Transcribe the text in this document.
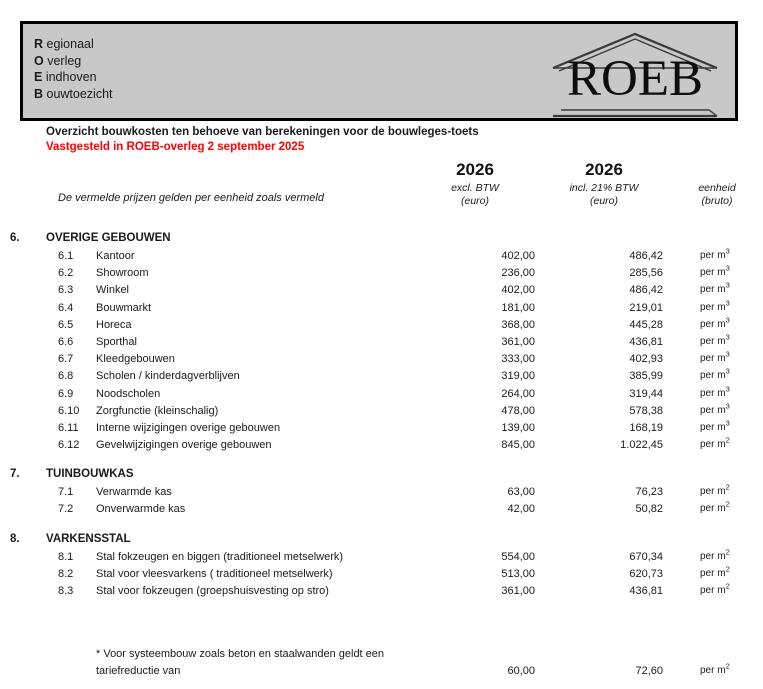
R egionaal
O verleg
E indhoven
B ouwtoezicht	ROEB
Overzicht bouwkosten ten behoeve van berekeningen voor de bouwleges-toets
Vastgesteld in ROEB-overleg 2 september 2025
De vermelde prijzen gelden per eenheid zoals vermeld
2026
excl. BTW
(euro)
2026
incl. 21% BTW
(euro)
eenheid
(bruto)
6.	OVERIGE GEBOUWEN
6.1	Kantoor	402,00	486,42	per $m^3$
6.2	Showroom	236,00	285,56	per $m^3$
6.3	Winkel	402,00	486,42	per $m^3$
6.4	Bouwmarkt	181,00	219,01	per $m^3$
6.5	Horeca	368,00	445,28	per $m^3$
6.6	Sporthal	361,00	436,81	per $m^3$
6.7	Kleedgebouwen	333,00	402,93	per $m^3$
6.8	Scholen / kinderdagverblijven	319,00	385,99	per $m^3$
6.9	Noodscholen	264,00	319,44	per $m^3$
6.10	Zorgfunctie (kleinschalig)	478,00	578,38	per $m^3$
6.11	Interne wijzigingen overige gebouwen	139,00	168,19	per $m^3$
6.12	Gevelwijzigingen overige gebouwen	845,00	1.022,45	per $m^2$
7.	TUINBOUWKAS
7.1	Verwarmde kas	63,00	76,23	per $m^2$
7.2	Onverwarmde kas	42,00	50,82	per $m^2$
8.	VARKENSSTAL
8.1	Stal fokzeugen en biggen (traditioneel metselwerk)	554,00	670,34	per $m^2$
8.2	Stal voor vleesvarkens ( traditioneel metselwerk)	513,00	620,73	per $m^2$
8.3	Stal voor fokzeugen (groepshuisvesting op stro)	361,00	436,81	per $m^2$
* Voor systeembouw zoals beton en staalwanden geldt een
tariefreductie van	60,00	72,60	per $m^2$
